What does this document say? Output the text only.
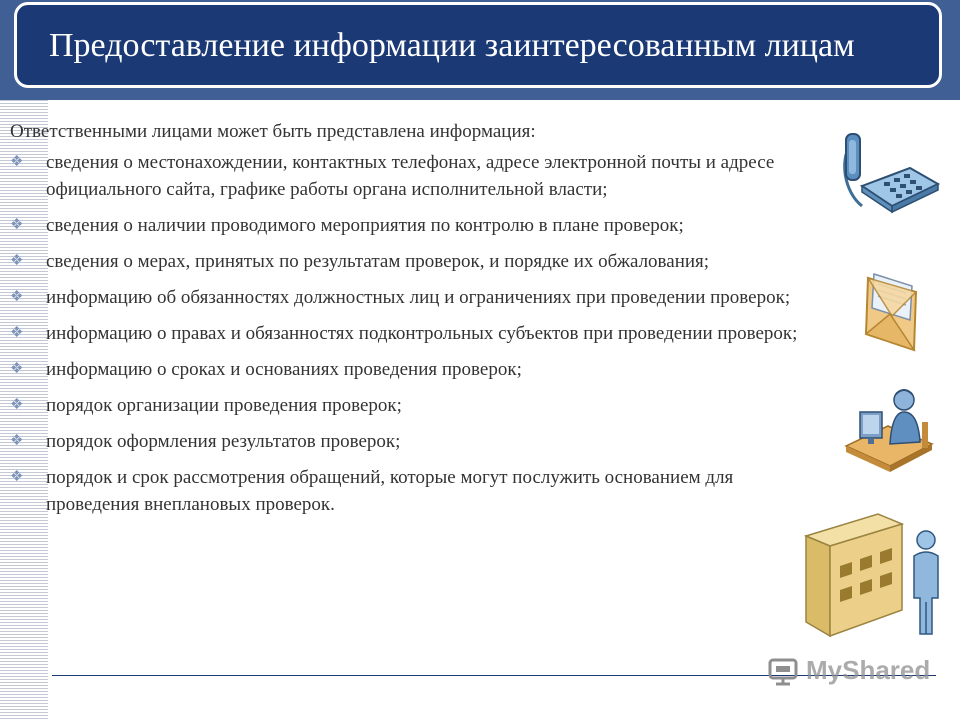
Предоставление информации заинтересованным лицам

Ответственными лицами может быть представлена информация:

❖ сведения о местонахождении, контактных телефонах, адресе электронной почты и адресе официального сайта, графике работы органа исполнительной власти;
❖ сведения о наличии проводимого мероприятия по контролю в плане проверок;
❖ сведения о мерах, принятых по результатам проверок, и порядке их обжалования;
❖ информацию об обязанностях должностных лиц и ограничениях при проведении проверок;
❖ информацию о правах и обязанностях подконтрольных субъектов при проведении проверок;
❖ информацию о сроках и основаниях проведения проверок;
❖ порядок организации проведения проверок;
❖ порядок оформления результатов проверок;
❖ порядок и срок рассмотрения обращений, которые могут послужить основанием для проведения внеплановых проверок.
MyShared
